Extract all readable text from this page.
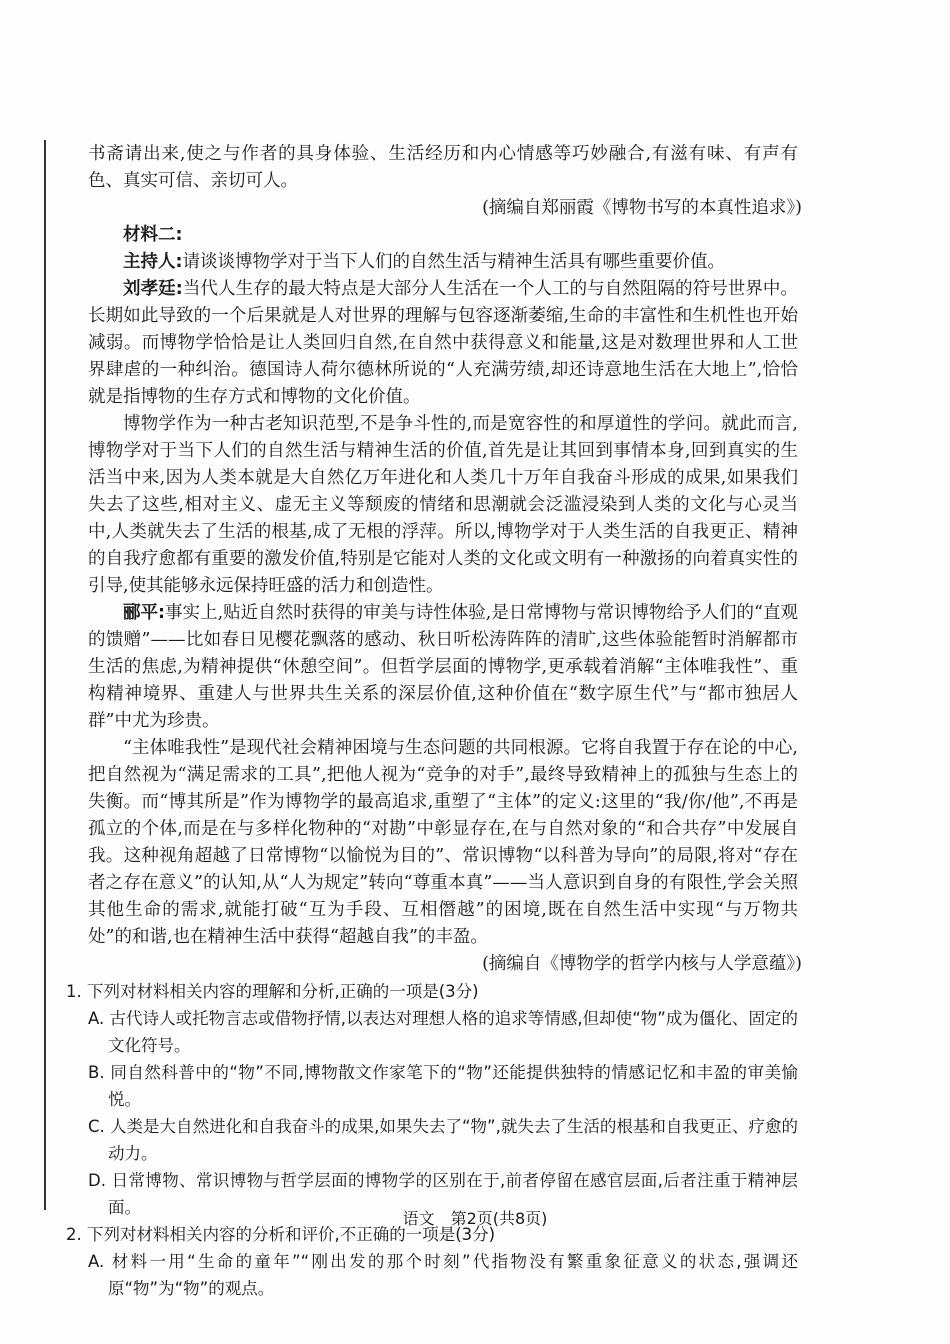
书斋请出来,使之与作者的具身体验、生活经历和内心情感等巧妙融合,有滋有味、有声有色、真实可信、亲切可人。

(摘编自郑丽霞《博物书写的本真性追求》)

材料二:

主持人:请谈谈博物学对于当下人们的自然生活与精神生活具有哪些重要价值。

刘孝廷:当代人生存的最大特点是大部分人生活在一个人工的与自然阻隔的符号世界中。长期如此导致的一个后果就是人对世界的理解与包容逐渐萎缩,生命的丰富性和生机性也开始减弱。而博物学恰恰是让人类回归自然,在自然中获得意义和能量,这是对数理世界和人工世界肆虐的一种纠治。德国诗人荷尔德林所说的“人充满劳绩,却还诗意地生活在大地上”,恰恰就是指博物的生存方式和博物的文化价值。

博物学作为一种古老知识范型,不是争斗性的,而是宽容性的和厚道性的学问。就此而言,博物学对于当下人们的自然生活与精神生活的价值,首先是让其回到事情本身,回到真实的生活当中来,因为人类本就是大自然亿万年进化和人类几十万年自我奋斗形成的成果,如果我们失去了这些,相对主义、虚无主义等颓废的情绪和思潮就会泛滥浸染到人类的文化与心灵当中,人类就失去了生活的根基,成了无根的浮萍。所以,博物学对于人类生活的自我更正、精神的自我疗愈都有重要的激发价值,特别是它能对人类的文化或文明有一种激扬的向着真实性的引导,使其能够永远保持旺盛的活力和创造性。

郦平:事实上,贴近自然时获得的审美与诗性体验,是日常博物与常识博物给予人们的“直观的馈赠”——比如春日见樱花飘落的感动、秋日听松涛阵阵的清旷,这些体验能暂时消解都市生活的焦虑,为精神提供“休憩空间”。但哲学层面的博物学,更承载着消解“主体唯我性”、重构精神境界、重建人与世界共生关系的深层价值,这种价值在“数字原生代”与“都市独居人群”中尤为珍贵。

“主体唯我性”是现代社会精神困境与生态问题的共同根源。它将自我置于存在论的中心,把自然视为“满足需求的工具”,把他人视为“竞争的对手”,最终导致精神上的孤独与生态上的失衡。而“博其所是”作为博物学的最高追求,重塑了“主体”的定义:这里的“我/你/他”,不再是孤立的个体,而是在与多样化物种的“对勘”中彰显存在,在与自然对象的“和合共存”中发展自我。这种视角超越了日常博物“以愉悦为目的”、常识博物“以科普为导向”的局限,将对“存在者之存在意义”的认知,从“人为规定”转向“尊重本真”——当人意识到自身的有限性,学会关照其他生命的需求,就能打破“互为手段、互相僭越”的困境,既在自然生活中实现“与万物共处”的和谐,也在精神生活中获得“超越自我”的丰盈。

(摘编自《博物学的哲学内核与人学意蕴》)

1. 下列对材料相关内容的理解和分析,正确的一项是(3分)

A. 古代诗人或托物言志或借物抒情,以表达对理想人格的追求等情感,但却使“物”成为僵化、固定的文化符号。

B. 同自然科普中的“物”不同,博物散文作家笔下的“物”还能提供独特的情感记忆和丰盈的审美愉悦。

C. 人类是大自然进化和自我奋斗的成果,如果失去了“物”,就失去了生活的根基和自我更正、疗愈的动力。

D. 日常博物、常识博物与哲学层面的博物学的区别在于,前者停留在感官层面,后者注重于精神层面。

2. 下列对材料相关内容的分析和评价,不正确的一项是(3分)

A. 材料一用“生命的童年”“刚出发的那个时刻”代指物没有繁重象征意义的状态,强调还原“物”为“物”的观点。

语文　第2页(共8页)
